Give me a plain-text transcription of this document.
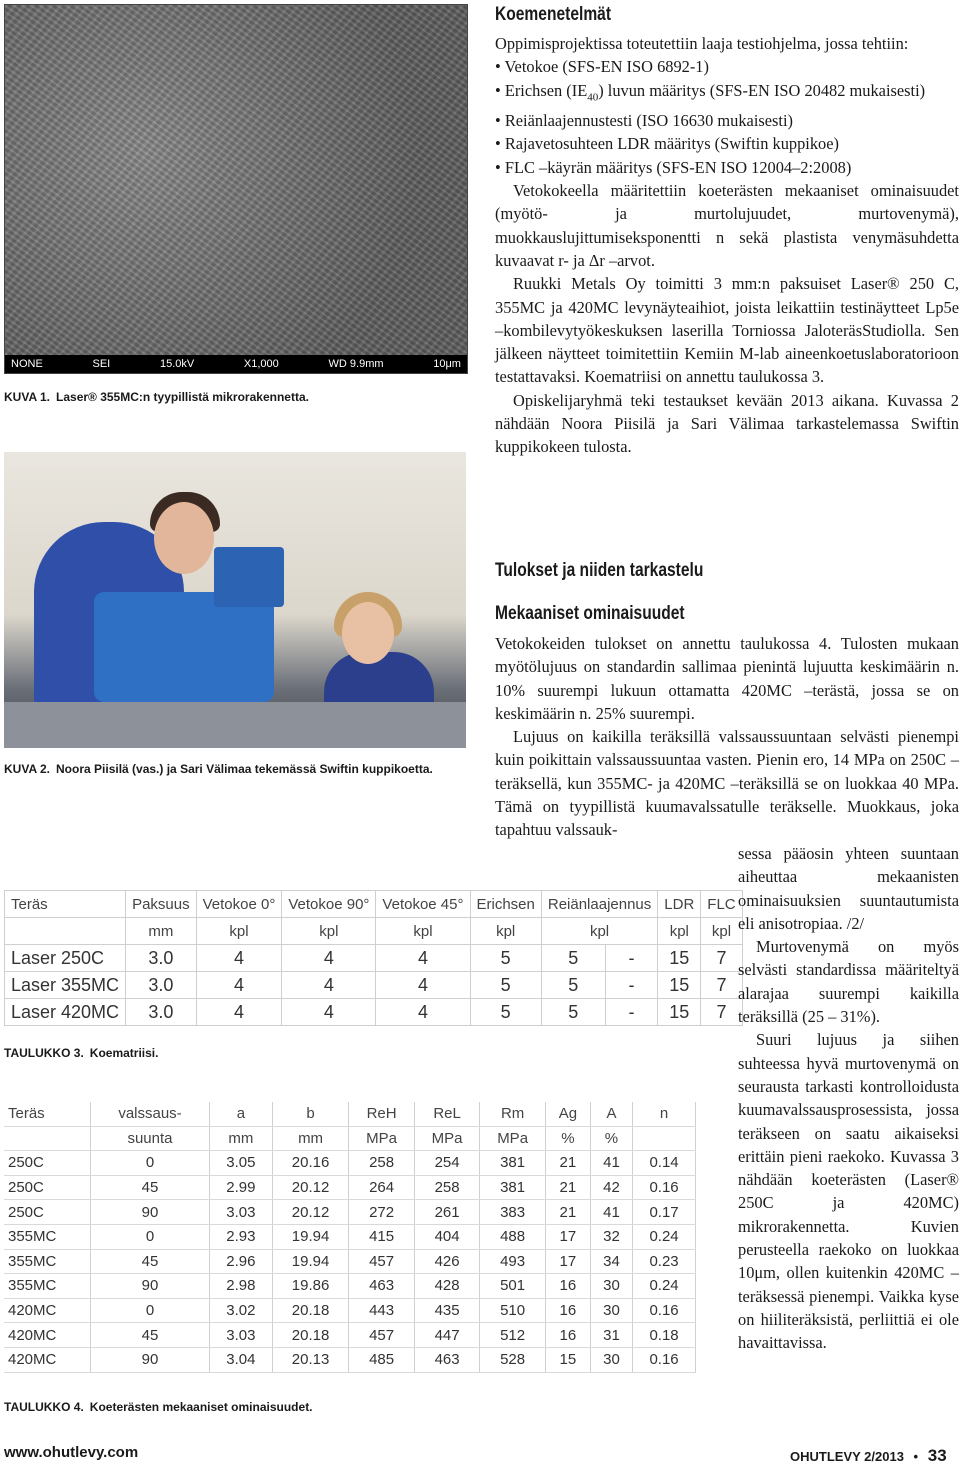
NONE	SEI	15.0kV	X1,000	WD 9.9mm	10μm
KUVA 1. Laser® 355MC:n tyypillistä mikrorakennetta.
KUVA 2. Noora Piisilä (vas.) ja Sari Välimaa tekemässä Swiftin kuppikoetta.
Teräs	Paksuus	Vetokoe 0°	Vetokoe 90°	Vetokoe 45°	Erichsen	Reiänlaajennus		LDR	FLC
	mm	kpl	kpl	kpl	kpl	kpl		kpl	kpl
Laser 250C	3.0	4	4	4	5	5	-	15	7
Laser 355MC	3.0	4	4	4	5	5	-	15	7
Laser 420MC	3.0	4	4	4	5	5	-	15	7
TAULUKKO 3. Koematriisi.
Teräs	valssaus-	a	b	ReH	ReL	Rm	Ag	A	n
	suunta	mm	mm	MPa	MPa	MPa	%	%	
250C	0	3.05	20.16	258	254	381	21	41	0.14
250C	45	2.99	20.12	264	258	381	21	42	0.16
250C	90	3.03	20.12	272	261	383	21	41	0.17
355MC	0	2.93	19.94	415	404	488	17	32	0.24
355MC	45	2.96	19.94	457	426	493	17	34	0.23
355MC	90	2.98	19.86	463	428	501	16	30	0.24
420MC	0	3.02	20.18	443	435	510	16	30	0.16
420MC	45	3.03	20.18	457	447	512	16	31	0.18
420MC	90	3.04	20.13	485	463	528	15	30	0.16
TAULUKKO 4. Koeterästen mekaaniset ominaisuudet.
Koemenetelmät

Oppimisprojektissa toteutettiin laaja testiohjelma, jossa tehtiin:

• Vetokoe (SFS-EN ISO 6892-1)

• Erichsen $(IE_{40})$ luvun määritys (SFS-EN ISO 20482 mukaisesti)

• Reiänlaajennustesti (ISO 16630 mukaisesti)

• Rajavetosuhteen LDR määritys (Swiftin kuppikoe)

• FLC –käyrän määritys (SFS-EN ISO 12004–2:2008)

Vetokokeella määritettiin koeterästen mekaaniset ominaisuudet (myötö- ja murtolujuudet, murtovenymä), muokkauslujittumiseksponentti n sekä plastista venymäsuhdetta kuvaavat r- ja Δr –arvot.

Ruukki Metals Oy toimitti 3 mm:n paksuiset Laser® 250 C, 355MC ja 420MC levynäyteaihiot, joista leikattiin testinäytteet Lp5e –kombilevytyökeskuksen laserilla Torniossa JaloteräsStudiolla. Sen jälkeen näytteet toimitettiin Kemiin M-lab aineenkoetuslaboratorioon testattavaksi. Koematriisi on annettu taulukossa 3.

Opiskelijaryhmä teki testaukset kevään 2013 aikana. Kuvassa 2 nähdään Noora Piisilä ja Sari Välimaa tarkastelemassa Swiftin kuppikokeen tulosta.

Tulokset ja niiden tarkastelu
Mekaaniset ominaisuudet

Vetokokeiden tulokset on annettu taulukossa 4. Tulosten mukaan myötölujuus on standardin sallimaa pienintä lujuutta keskimäärin n. 10% suurempi lukuun ottamatta 420MC –terästä, jossa se on keskimäärin n. 25% suurempi.

Lujuus on kaikilla teräksillä valssaussuuntaan selvästi pienempi kuin poikittain valssaussuuntaa vasten. Pienin ero, 14 MPa on 250C –teräksellä, kun 355MC- ja 420MC –teräksillä se on luokkaa 40 MPa. Tämä on tyypillistä kuumavalssatulle teräkselle. Muokkaus, joka tapahtuu valssauk-

sessa pääosin yhteen suuntaan aiheuttaa mekaanisten ominaisuuksien suuntautumista eli anisotropiaa. /2/

Murtovenymä on myös selvästi standardissa määriteltyä alarajaa suurempi kaikilla teräksillä (25 – 31%).

Suuri lujuus ja siihen suhteessa hyvä murtovenymä on seurausta tarkasti kontrolloidusta kuumavalssausprosessista, jossa teräkseen on saatu aikaiseksi erittäin pieni raekoko. Kuvassa 3 nähdään koeterästen (Laser® 250C ja 420MC) mikrorakennetta. Kuvien perusteella raekoko on luokkaa 10μm, ollen kuitenkin 420MC –teräksessä pienempi. Vaikka kyse on hiiliteräksistä, perliittiä ei ole havaittavissa.

www.ohutlevy.com	OHUTLEVY 2/2013 • 33
